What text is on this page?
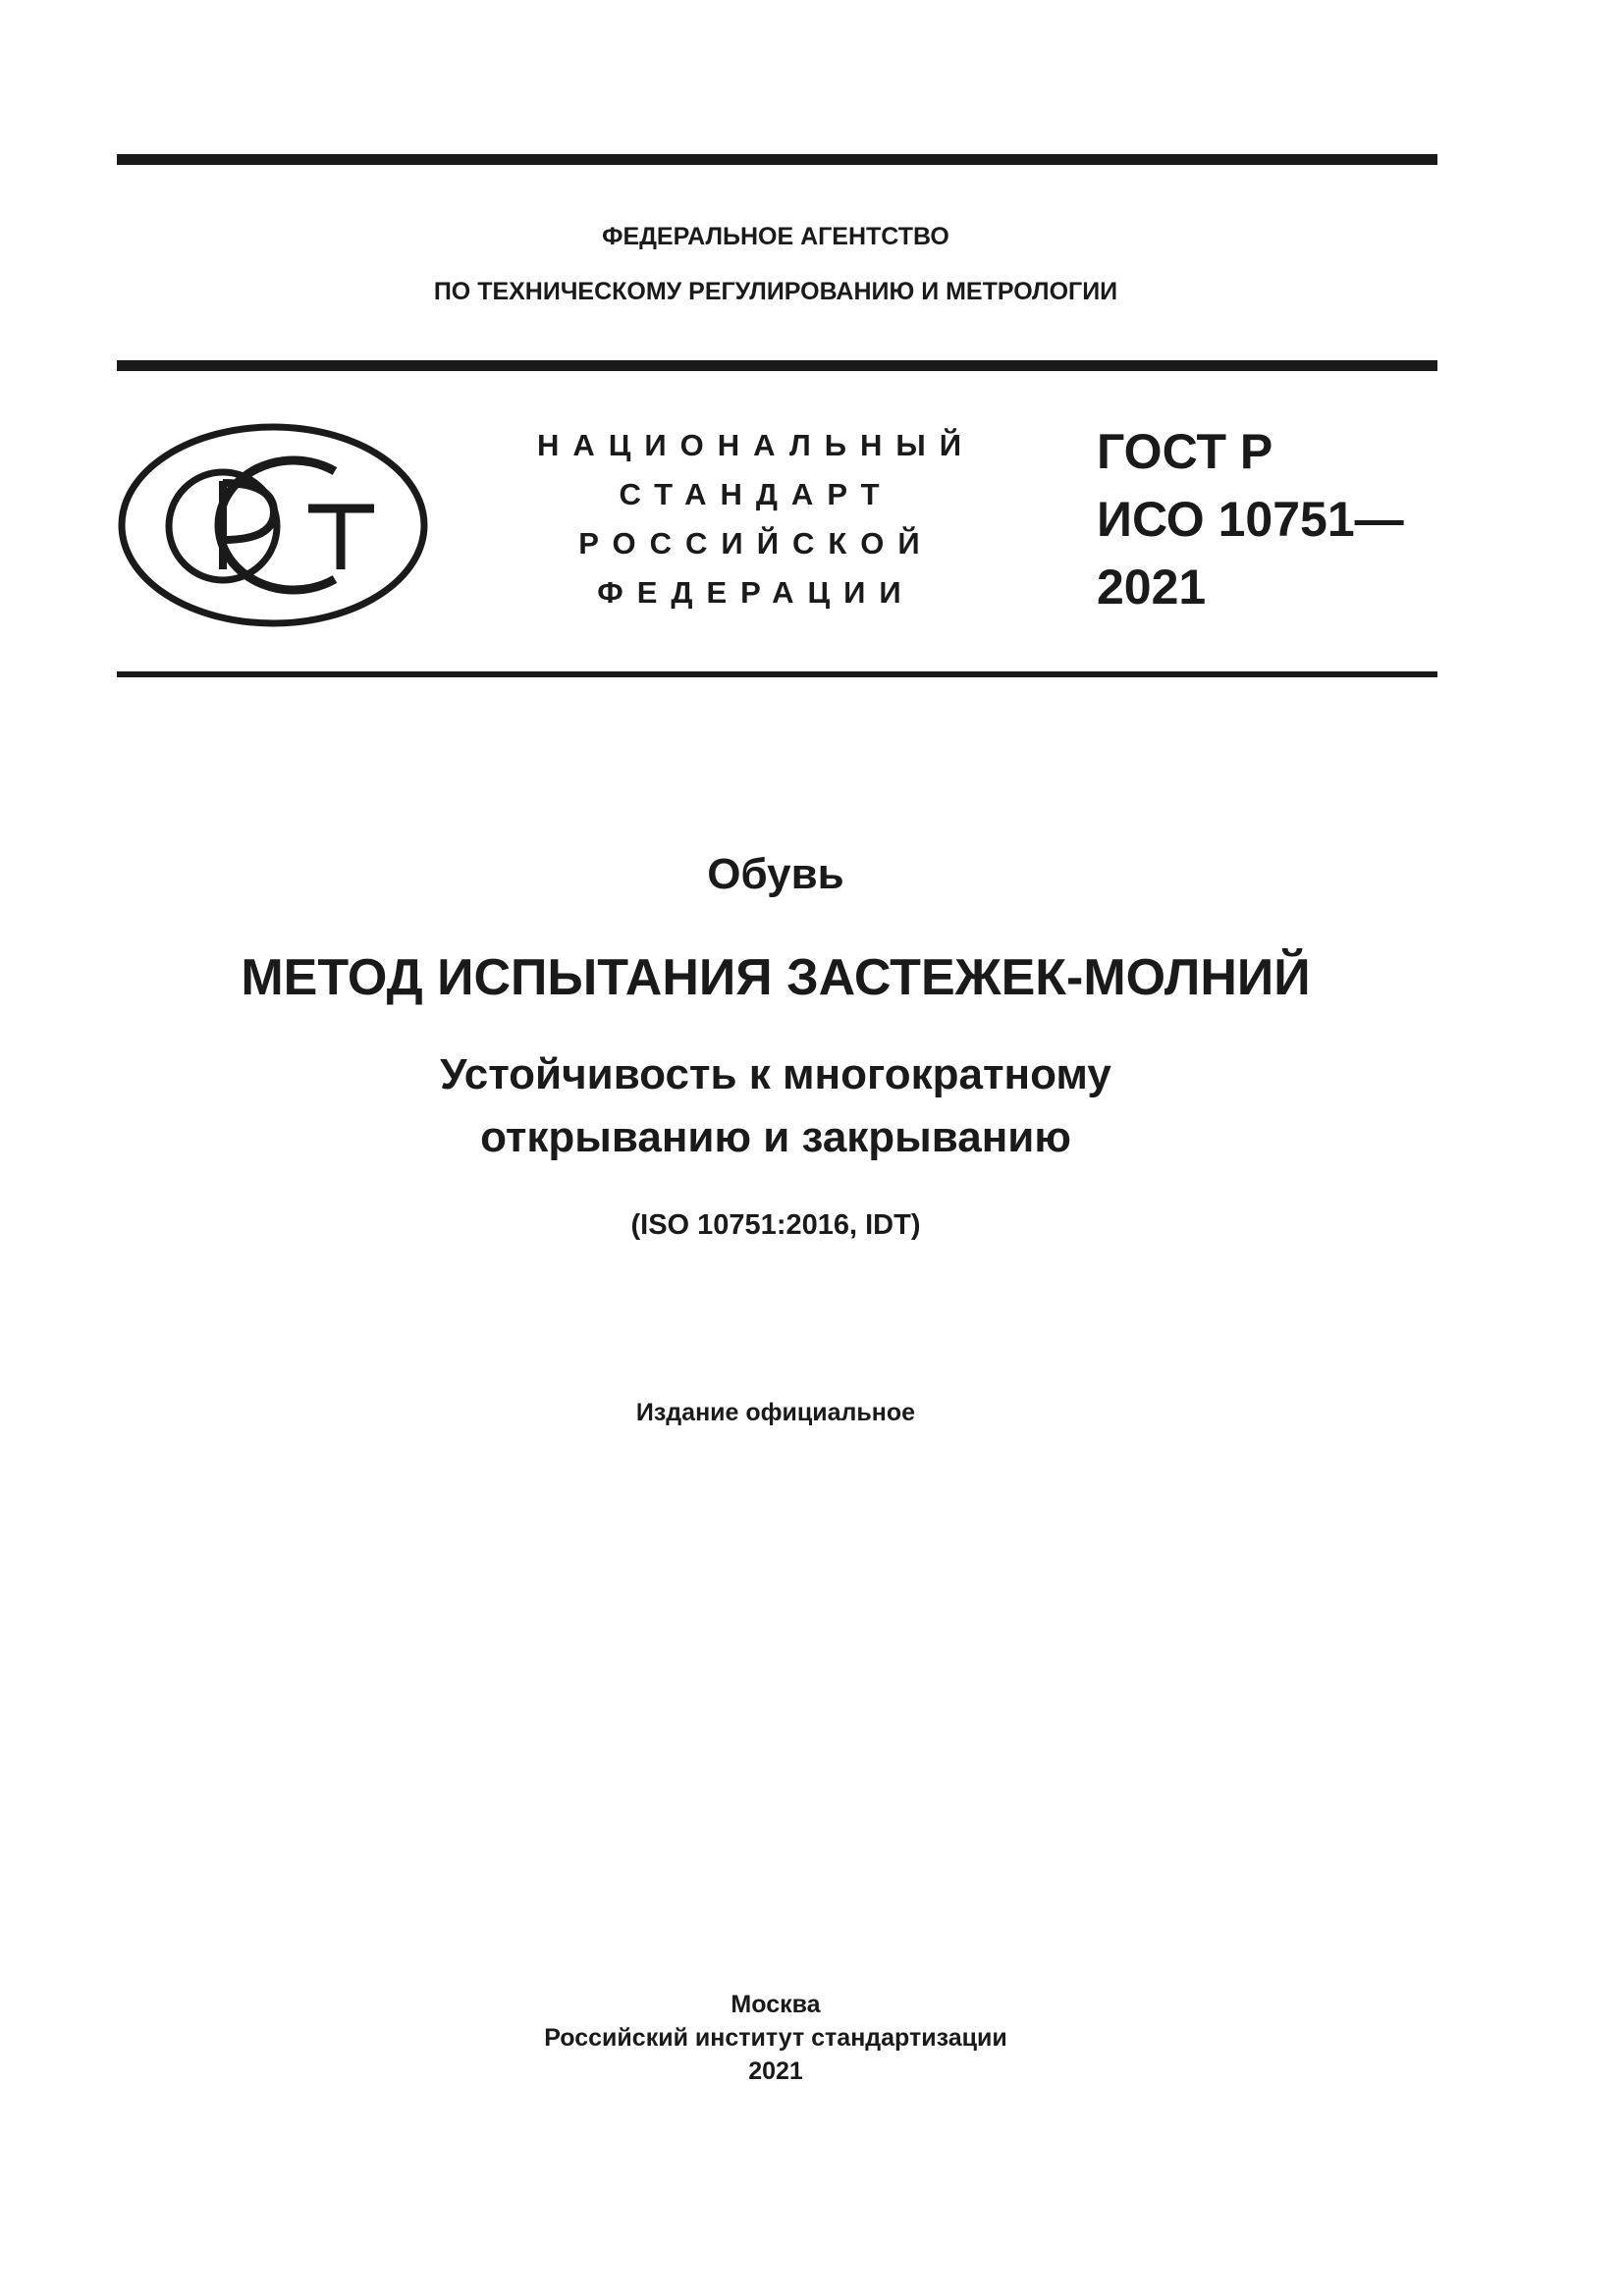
ФЕДЕРАЛЬНОЕ АГЕНТСТВО
ПО ТЕХНИЧЕСКОМУ РЕГУЛИРОВАНИЮ И МЕТРОЛОГИИ
НАЦИОНАЛЬНЫЙ
СТАНДАРТ
РОССИЙСКОЙ
ФЕДЕРАЦИИ
ГОСТ Р
ИСО 10751—
2021
Обувь
МЕТОД ИСПЫТАНИЯ ЗАСТЕЖЕК-МОЛНИЙ
Устойчивость к многократному
открыванию и закрыванию
(ISO 10751:2016, IDT)
Издание официальное
Москва
Российский институт стандартизации
2021
